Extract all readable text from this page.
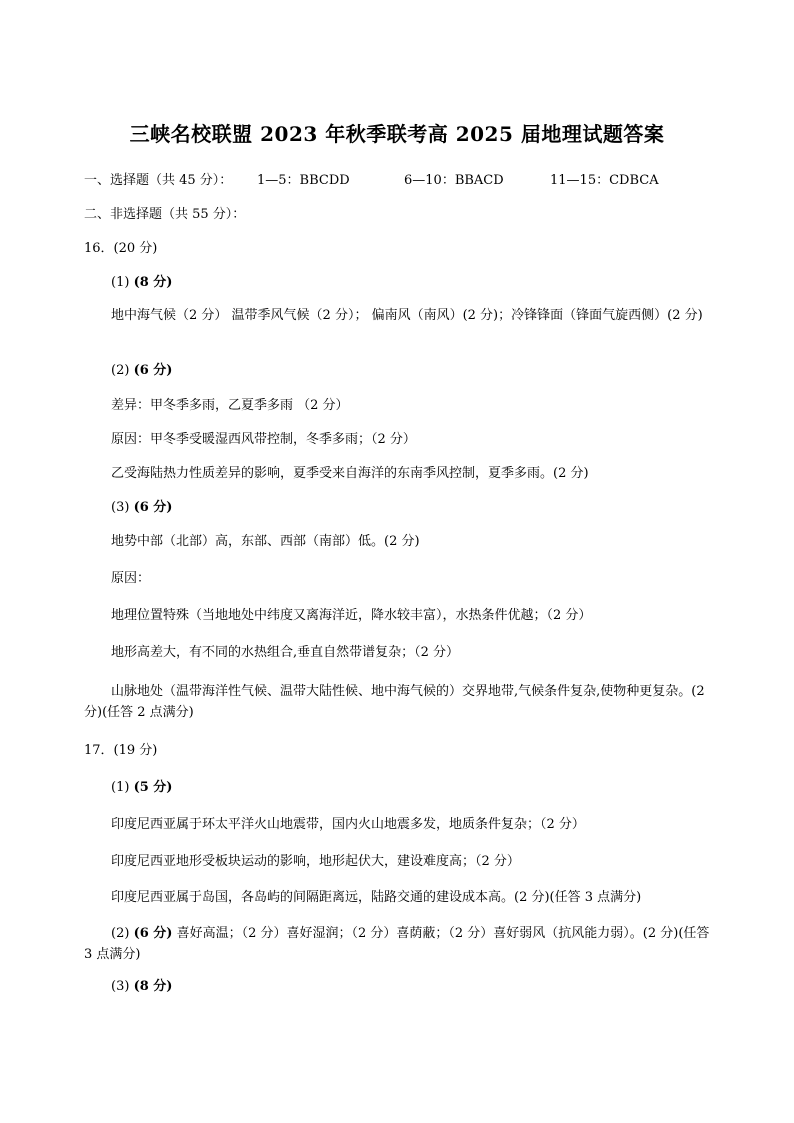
三峡名校联盟 2023 年秋季联考高 2025 届地理试题答案
一、选择题（共 45 分）： 1—5：BBCDD	6—10：BBACD	11—15：CDBCA
二、非选择题（共 55 分）：
16．(20 分)
(1) (8 分)
地中海气候（2 分） 温带季风气候（2 分）； 偏南风（南风）(2 分)；冷锋锋面（锋面气旋西侧）(2 分)
(2) (6 分)
差异：甲冬季多雨，乙夏季多雨 （2 分）
原因：甲冬季受暖湿西风带控制，冬季多雨；（2 分）
乙受海陆热力性质差异的影响，夏季受来自海洋的东南季风控制，夏季多雨。(2 分)
(3) (6 分)
地势中部（北部）高，东部、西部（南部）低。(2 分)
原因：
地理位置特殊（当地地处中纬度又离海洋近，降水较丰富），水热条件优越；（2 分）
地形高差大，有不同的水热组合,垂直自然带谱复杂；（2 分）
山脉地处（温带海洋性气候、温带大陆性候、地中海气候的）交界地带,气候条件复杂,使物种更复杂。(2 分)(任答 2 点满分)
17．(19 分)
(1) (5 分)
印度尼西亚属于环太平洋火山地震带，国内火山地震多发，地质条件复杂；（2 分）
印度尼西亚地形受板块运动的影响，地形起伏大，建设难度高；（2 分）
印度尼西亚属于岛国，各岛屿的间隔距离远，陆路交通的建设成本高。(2 分)(任答 3 点满分)
(2) (6 分) 喜好高温；（2 分）喜好湿润；（2 分）喜荫蔽；（2 分）喜好弱风（抗风能力弱）。(2 分)(任答 3 点满分)
(3) (8 分)
